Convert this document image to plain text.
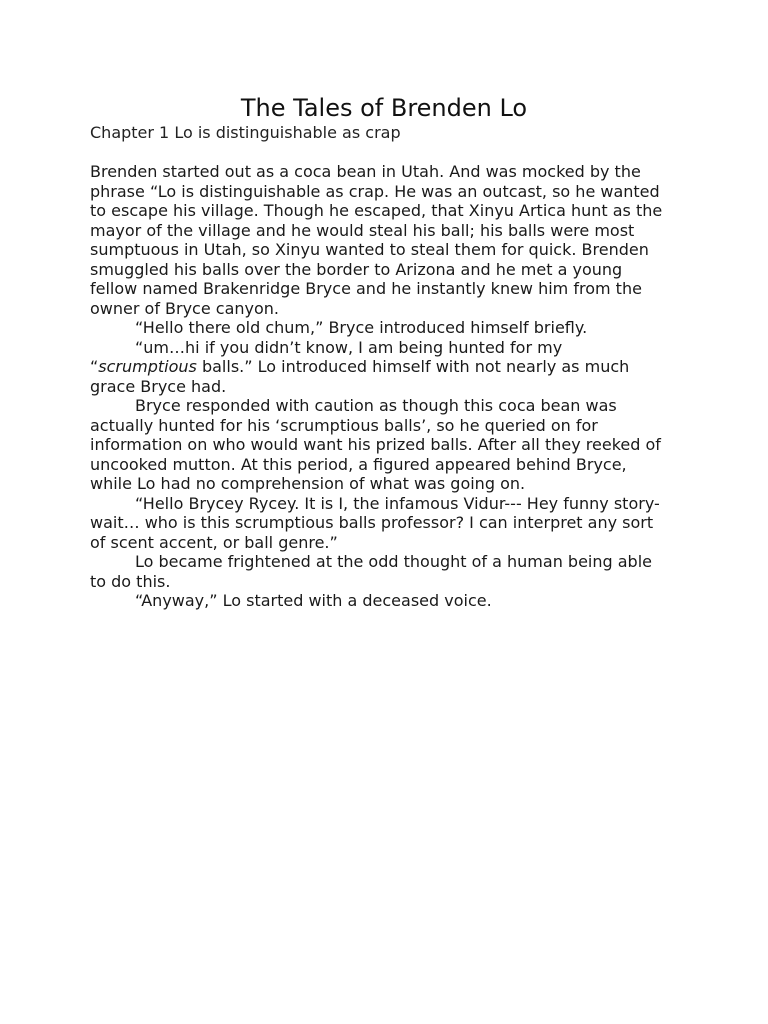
The Tales of Brenden Lo

Chapter 1 Lo is distinguishable as crap

Brenden started out as a coca bean in Utah. And was mocked by the
phrase “Lo is distinguishable as crap. He was an outcast, so he wanted
to escape his village. Though he escaped, that Xinyu Artica hunt as the
mayor of the village and he would steal his ball; his balls were most
sumptuous in Utah, so Xinyu wanted to steal them for quick. Brenden
smuggled his balls over the border to Arizona and he met a young
fellow named Brakenridge Bryce and he instantly knew him from the
owner of Bryce canyon.
“Hello there old chum,” Bryce introduced himself briefly.
“um…hi if you didn’t know, I am being hunted for my
“scrumptious balls.” Lo introduced himself with not nearly as much
grace Bryce had.
Bryce responded with caution as though this coca bean was
actually hunted for his ‘scrumptious balls’, so he queried on for
information on who would want his prized balls. After all they reeked of
uncooked mutton. At this period, a figured appeared behind Bryce,
while Lo had no comprehension of what was going on.
“Hello Brycey Rycey. It is I, the infamous Vidur--- Hey funny story-
wait… who is this scrumptious balls professor? I can interpret any sort
of scent accent, or ball genre.”
Lo became frightened at the odd thought of a human being able
to do this.
“Anyway,” Lo started with a deceased voice.
